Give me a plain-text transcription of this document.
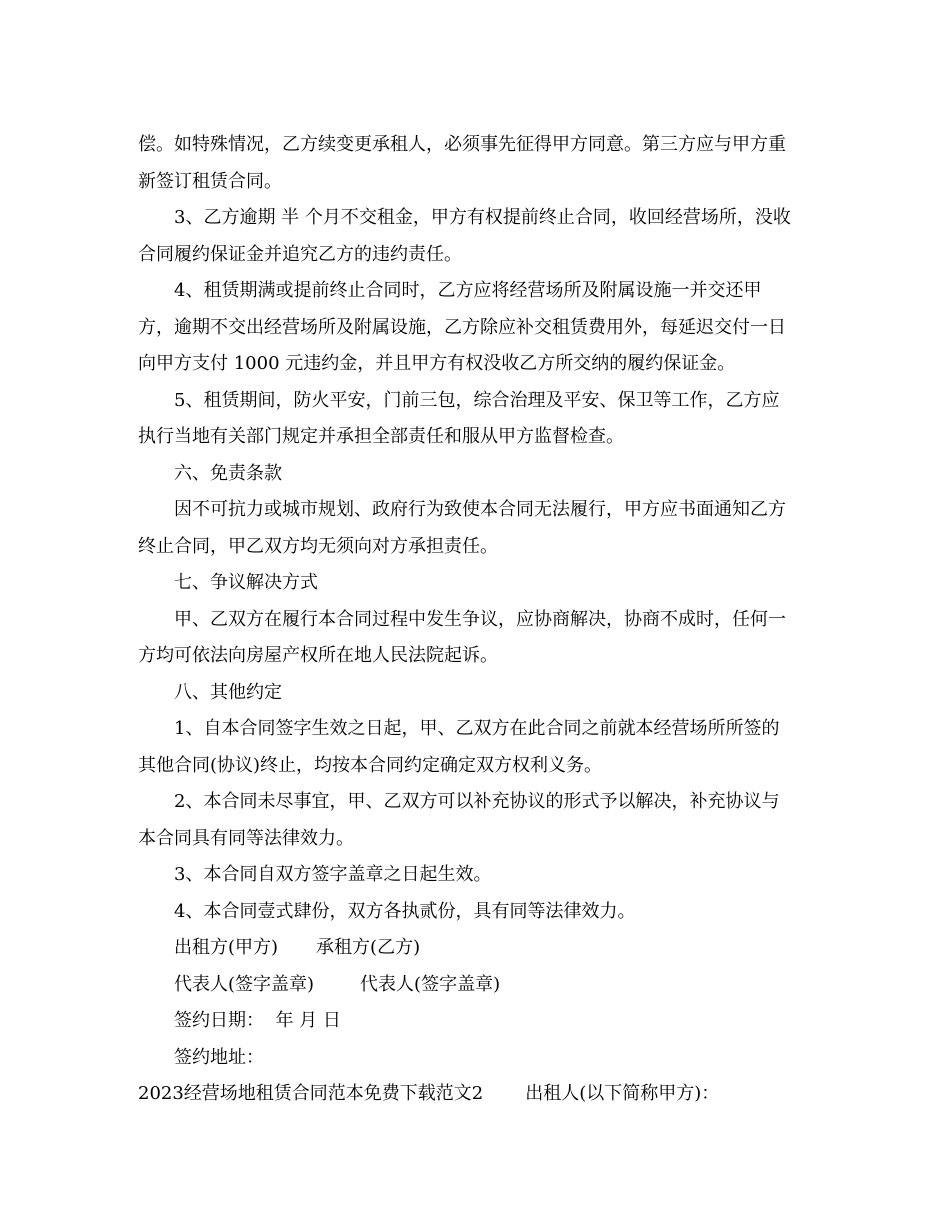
偿。如特殊情况，乙方续变更承租人，必须事先征得甲方同意。第三方应与甲方重

新签订租赁合同。

3、乙方逾期 半 个月不交租金，甲方有权提前终止合同，收回经营场所，没收

合同履约保证金并追究乙方的违约责任。

4、租赁期满或提前终止合同时，乙方应将经营场所及附属设施一并交还甲

方，逾期不交出经营场所及附属设施，乙方除应补交租赁费用外，每延迟交付一日

向甲方支付 1000 元违约金，并且甲方有权没收乙方所交纳的履约保证金。

5、租赁期间，防火平安，门前三包，综合治理及平安、保卫等工作，乙方应

执行当地有关部门规定并承担全部责任和服从甲方监督检查。

六、免责条款

因不可抗力或城市规划、政府行为致使本合同无法履行，甲方应书面通知乙方

终止合同，甲乙双方均无须向对方承担责任。

七、争议解决方式

甲、乙双方在履行本合同过程中发生争议，应协商解决，协商不成时，任何一

方均可依法向房屋产权所在地人民法院起诉。

八、其他约定

1、自本合同签字生效之日起，甲、乙双方在此合同之前就本经营场所所签的

其他合同(协议)终止，均按本合同约定确定双方权利义务。

2、本合同未尽事宜，甲、乙双方可以补充协议的形式予以解决，补充协议与

本合同具有同等法律效力。

3、本合同自双方签字盖章之日起生效。

4、本合同壹式肆份，双方各执贰份，具有同等法律效力。

出租方(甲方) 承租方(乙方)

代表人(签字盖章)	代表人(签字盖章)

签约日期：  年 月 日

签约地址：

2023经营场地租赁合同范本免费下载范文2 出租人(以下简称甲方)：
